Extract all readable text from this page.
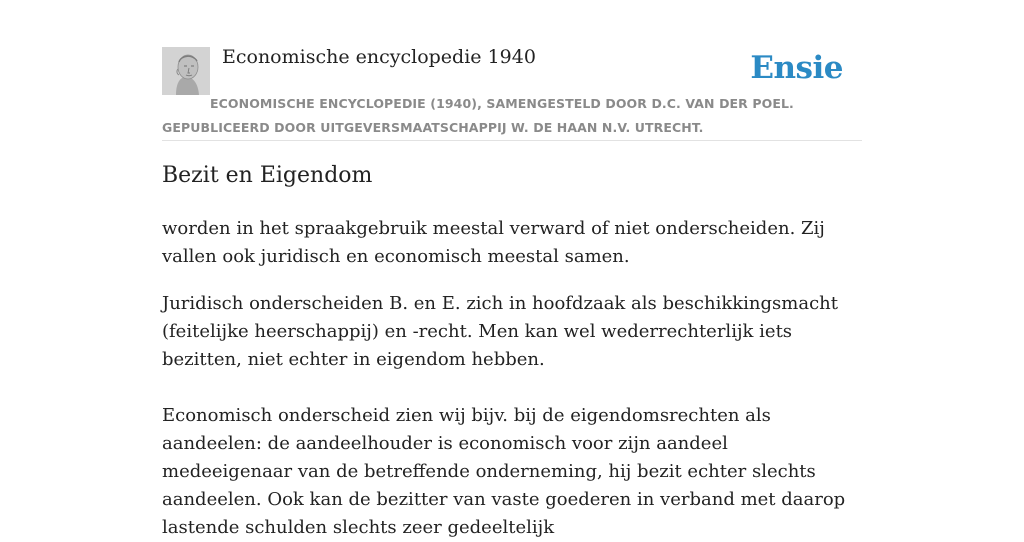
Economische encyclopedie 1940	Ensie
ECONOMISCHE ENCYCLOPEDIE (1940), SAMENGESTELD DOOR D.C. VAN DER POEL. GEPUBLICEERD DOOR UITGEVERSMAATSCHAPPIJ W. DE HAAN N.V. UTRECHT.
Bezit en Eigendom

worden in het spraakgebruik meestal verward of niet onderscheiden. Zij vallen ook juridisch en economisch meestal samen.

Juridisch onderscheiden B. en E. zich in hoofdzaak als beschikkingsmacht (feitelijke heerschappij) en -recht. Men kan wel wederrechterlijk iets bezitten, niet echter in eigendom hebben.

Economisch onderscheid zien wij bijv. bij de eigendomsrechten als aandeelen: de aandeelhouder is economisch voor zijn aandeel medeeigenaar van de betreffende onderneming, hij bezit echter slechts aandeelen. Ook kan de bezitter van vaste goederen in verband met daarop lastende schulden slechts zeer gedeeltelijk
